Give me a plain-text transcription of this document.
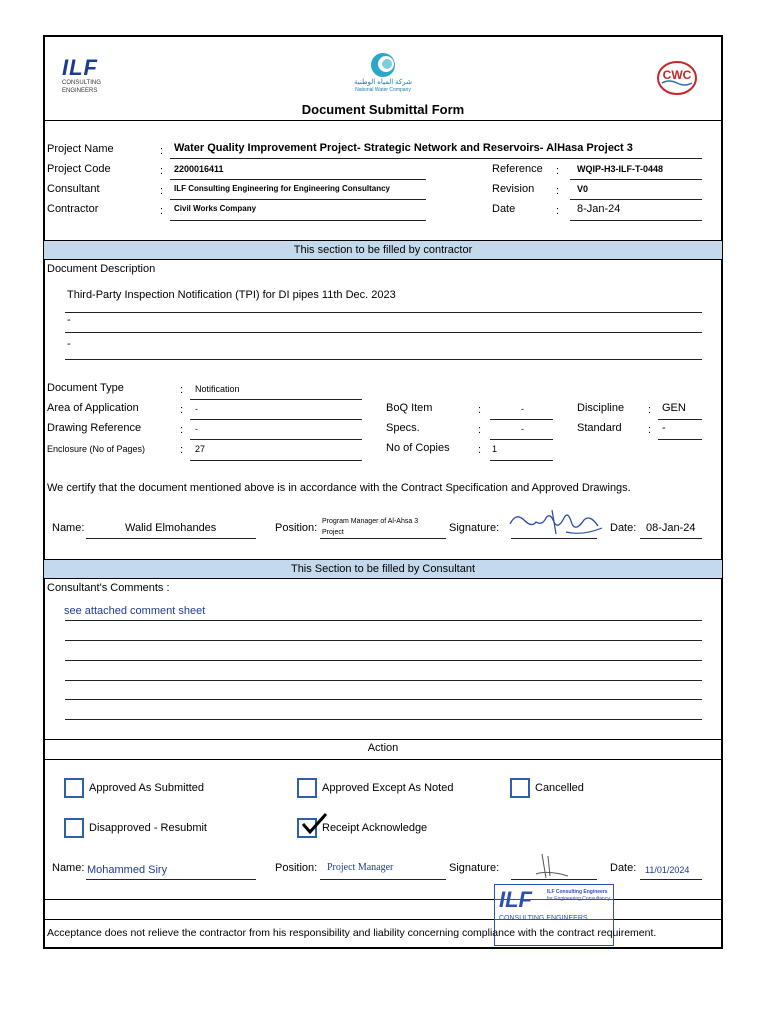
ILF
CONSULTING
ENGINEERS
شركة المياه الوطنية
National Water Company
CWC
Document Submittal Form
Project Name	: Water Quality Improvement Project- Strategic Network and Reservoirs- AlHasa Project 3
Project Code	: 2200016411
Consultant	: ILF Consulting Engineering for Engineering Consultancy
Contractor	: Civil Works Company
Reference : WQIP-H3-ILF-T-0448
Revision : V0
Date	: 8-Jan-24
This section to be filled by contractor
Document Description
Third-Party Inspection Notification (TPI) for DI pipes 11th Dec. 2023
-
-
Document Type	: Notification
Area of Application	: -
Drawing Reference	: -
Enclosure (No of Pages)	: 27
BoQ Item	:	-
Specs.	:	-
No of Copies	: 1
Discipline : GEN
Standard : -
We certify that the document mentioned above is in accordance with the Contract Specification and Approved Drawings.
Name:	Walid Elmohandes	Position:
Program Manager of Al-Ahsa 3
Project	Signature:	Date: 08-Jan-24
This Section to be filled by Consultant
Consultant's Comments :
see attached comment sheet
Action
Approved As Submitted	Approved Except As Noted	Cancelled
Disapproved - Resubmit	Receipt Acknowledge
Name: Mohammed Siry	Position: Project Manager	Signature:	Date: 11/01/2024
ILF	ILF Consulting Engineers
for Engineering Consultancy
CONSULTING ENGINEERS
Acceptance does not relieve the contractor from his responsibility and liability concerning compliance with the contract requirement.
